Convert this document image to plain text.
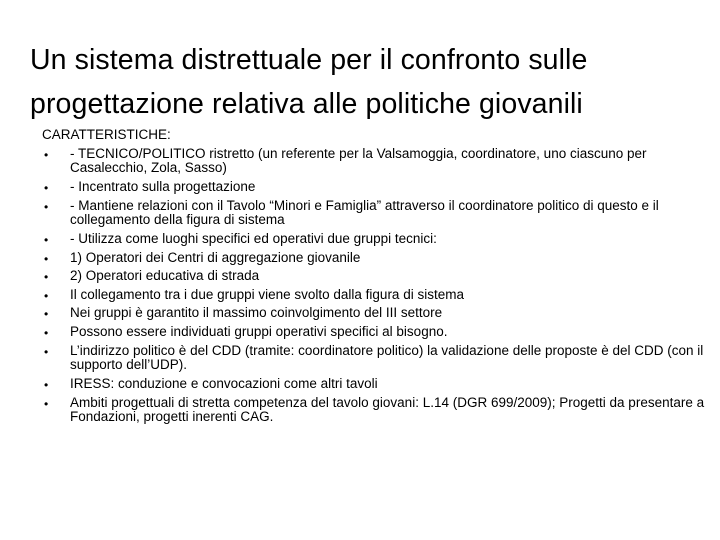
Un sistema distrettuale per il confronto sulle progettazione relativa alle politiche giovanili
CARATTERISTICHE:
• - TECNICO/POLITICO ristretto (un referente per la Valsamoggia, coordinatore, uno ciascuno per Casalecchio, Zola, Sasso)
• - Incentrato sulla progettazione
• - Mantiene relazioni con il Tavolo “Minori e Famiglia” attraverso il coordinatore politico di questo e il collegamento della figura di sistema
• - Utilizza come luoghi specifici ed operativi due gruppi tecnici:
• 1) Operatori dei Centri di aggregazione giovanile
• 2) Operatori educativa di strada
• Il collegamento tra i due gruppi viene svolto dalla figura di sistema
• Nei gruppi è garantito il massimo coinvolgimento del III settore
• Possono essere individuati gruppi operativi specifici al bisogno.
• L’indirizzo politico è del CDD (tramite: coordinatore politico) la validazione delle proposte è del CDD (con il supporto dell’UDP).
• IRESS: conduzione e convocazioni come altri tavoli
• Ambiti progettuali di stretta competenza del tavolo giovani: L.14 (DGR 699/2009); Progetti da presentare a Fondazioni, progetti inerenti CAG.
